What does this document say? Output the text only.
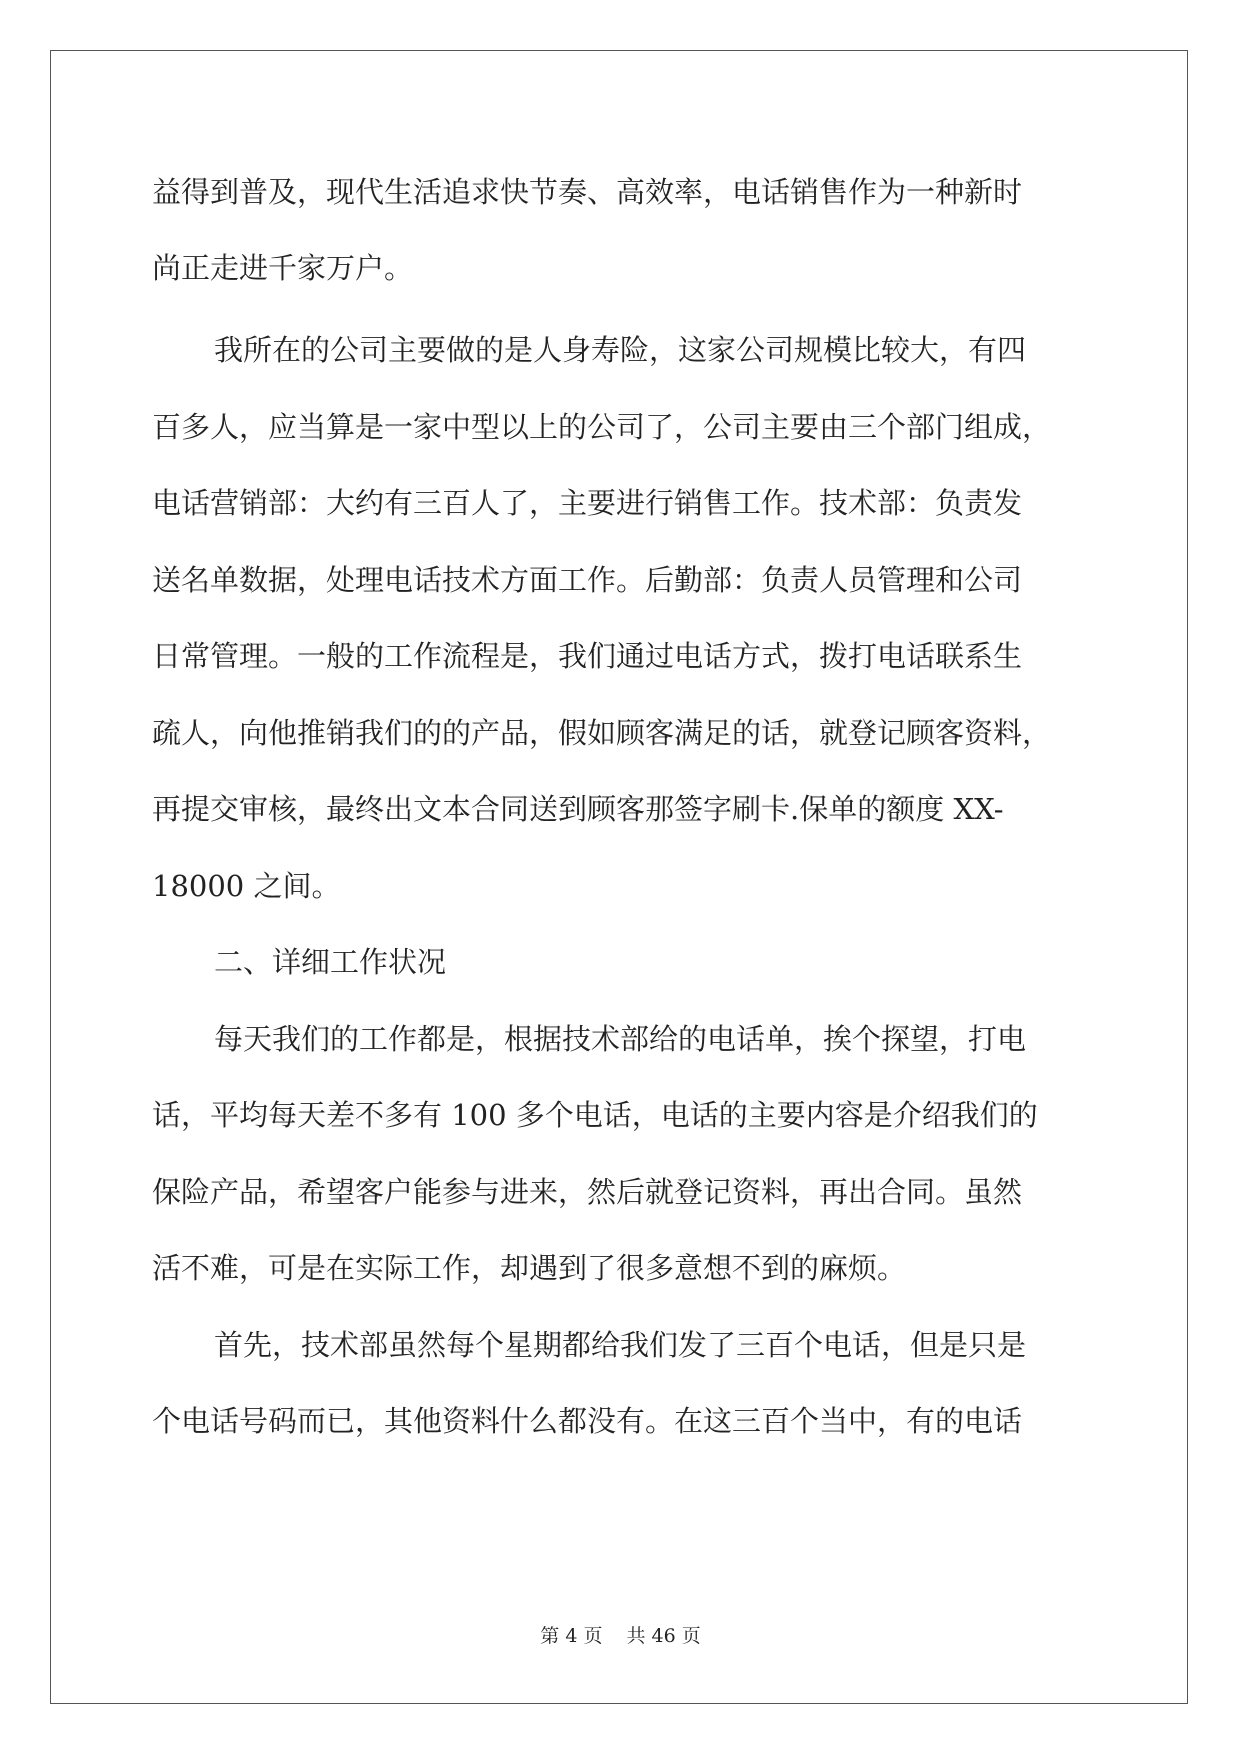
益得到普及，现代生活追求快节奏、高效率，电话销售作为一种新时

尚正走进千家万户。

我所在的公司主要做的是人身寿险，这家公司规模比较大，有四

百多人，应当算是一家中型以上的公司了，公司主要由三个部门组成，

电话营销部：大约有三百人了，主要进行销售工作。技术部：负责发

送名单数据，处理电话技术方面工作。后勤部：负责人员管理和公司

日常管理。一般的工作流程是，我们通过电话方式，拨打电话联系生

疏人，向他推销我们的的产品，假如顾客满足的话，就登记顾客资料，

再提交审核，最终出文本合同送到顾客那签字刷卡.保单的额度 XX-

18000 之间。

二、详细工作状况

每天我们的工作都是，根据技术部给的电话单，挨个探望，打电

话，平均每天差不多有 100 多个电话，电话的主要内容是介绍我们的

保险产品，希望客户能参与进来，然后就登记资料，再出合同。虽然

活不难，可是在实际工作，却遇到了很多意想不到的麻烦。

首先，技术部虽然每个星期都给我们发了三百个电话，但是只是

个电话号码而已，其他资料什么都没有。在这三百个当中，有的电话

第 4 页 共 46 页
